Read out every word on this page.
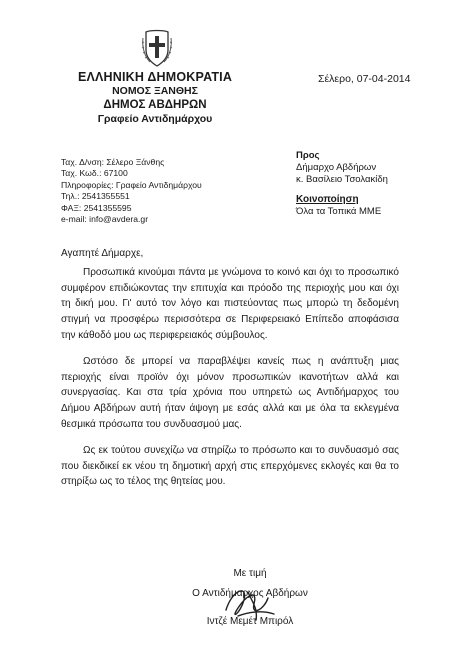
ΕΛΛΗΝΙΚΗ ΔΗΜΟΚΡΑΤΙΑ
ΝΟΜΟΣ ΞΑΝΘΗΣ
ΔΗΜΟΣ ΑΒΔΗΡΩΝ
Γραφείο Αντιδημάρχου
Σέλερο, 07-04-2014
Ταχ. Δ/νση: Σέλερο Ξάνθης
Ταχ. Κωδ.: 67100
Πληροφορίες: Γραφείο Αντιδημάρχου
Τηλ.: 2541355551
ΦΑΞ: 2541355595
e-mail: info@avdera.gr
Προς
Δήμαρχο Αβδήρων
κ. Βασίλειο Τσολακίδη
Κοινοποίηση
Όλα τα Τοπικά ΜΜΕ

Αγαπητέ Δήμαρχε,

Προσωπικά κινούμαι πάντα με γνώμονα το κοινό και όχι το προσωπικό συμφέρον επιδιώκοντας την επιτυχία και πρόοδο της περιοχής μου και όχι τη δική μου. Γι' αυτό τον λόγο και πιστεύοντας πως μπορώ τη δεδομένη στιγμή να προσφέρω περισσότερα σε Περιφερειακό Επίπεδο αποφάσισα την κάθοδό μου ως περιφερειακός σύμβουλος.

Ωστόσο δε μπορεί να παραβλέψει κανείς πως η ανάπτυξη μιας περιοχής είναι προϊόν όχι μόνον προσωπικών ικανοτήτων αλλά και συνεργασίας. Και στα τρία χρόνια που υπηρετώ ως Αντιδήμαρχος του Δήμου Αβδήρων αυτή ήταν άψογη με εσάς αλλά και με όλα τα εκλεγμένα θεσμικά πρόσωπα του συνδυασμού μας.

Ως εκ τούτου συνεχίζω να στηρίζω το πρόσωπο και το συνδυασμό σας που διεκδικεί εκ νέου τη δημοτική αρχή στις επερχόμενες εκλογές και θα το στηρίξω ως το τέλος της θητείας μου.

Με τιμή
Ο Αντιδήμαρχος Αβδήρων
Ιντζέ Μεμέτ Μπιρόλ
